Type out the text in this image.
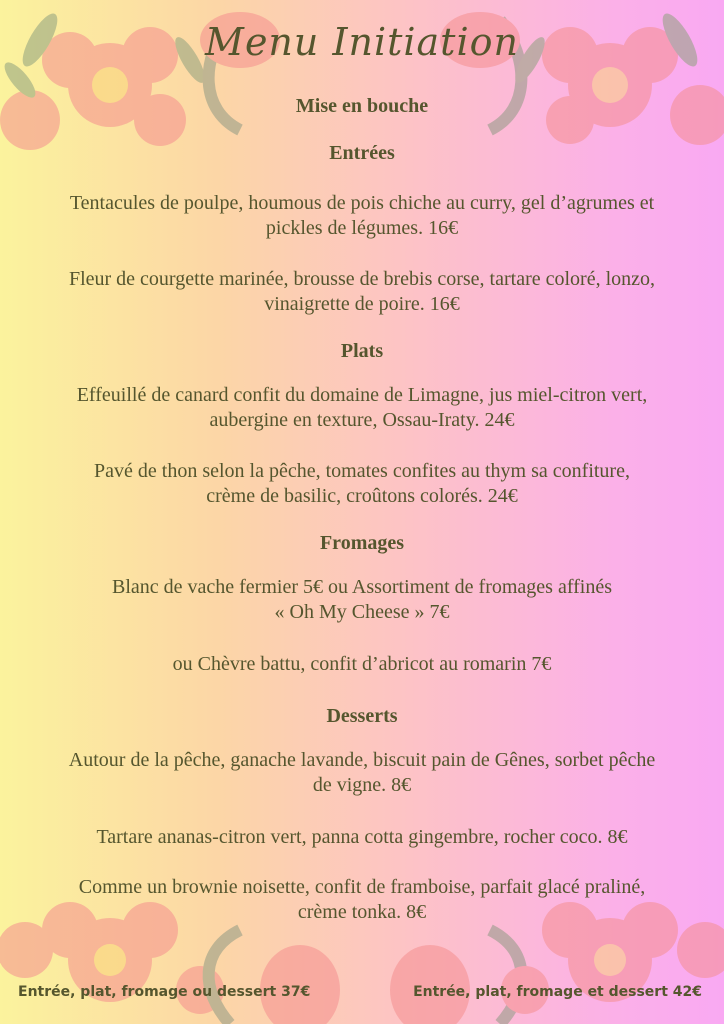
Menu Initiation

Mise en bouche

Entrées

Tentacules de poulpe, houmous de pois chiche au curry, gel d’agrumes et
pickles de légumes. 16€

Fleur de courgette marinée, brousse de brebis corse, tartare coloré, lonzo,
vinaigrette de poire. 16€

Plats

Effeuillé de canard confit du domaine de Limagne, jus miel-citron vert,
aubergine en texture, Ossau-Iraty. 24€

Pavé de thon selon la pêche, tomates confites au thym sa confiture,
crème de basilic, croûtons colorés. 24€

Fromages

Blanc de vache fermier 5€ ou Assortiment de fromages affinés
« Oh My Cheese » 7€

ou Chèvre battu, confit d’abricot au romarin 7€

Desserts

Autour de la pêche, ganache lavande, biscuit pain de Gênes, sorbet pêche
de vigne. 8€

Tartare ananas-citron vert, panna cotta gingembre, rocher coco. 8€

Comme un brownie noisette, confit de framboise, parfait glacé praliné,
crème tonka. 8€

Entrée, plat, fromage ou dessert 37€	Entrée, plat, fromage et dessert 42€
